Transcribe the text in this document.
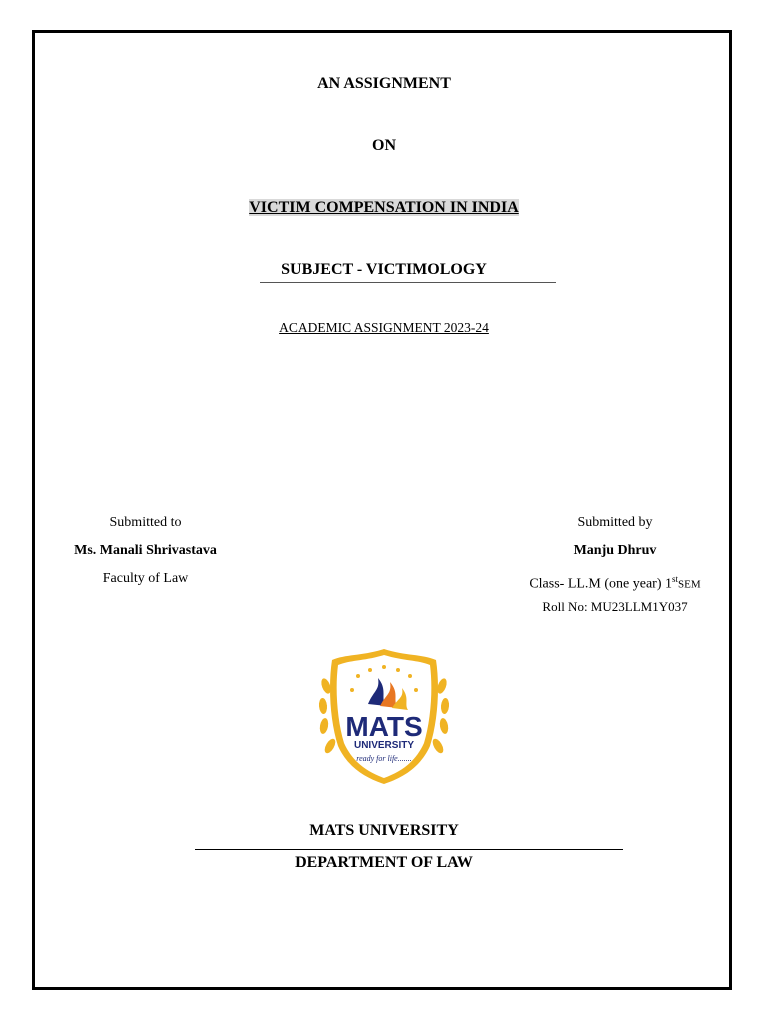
AN ASSIGNMENT
ON
VICTIM COMPENSATION IN INDIA
SUBJECT - VICTIMOLOGY
ACADEMIC ASSIGNMENT 2023-24
Submitted to
Ms. Manali Shrivastava
Faculty of Law
Submitted by
Manju Dhruv
Class- LL.M (one year) 1stSEM
Roll No: MU23LLM1Y037
MATS
UNIVERSITY
ready for life.......
MATS UNIVERSITY
DEPARTMENT OF LAW
